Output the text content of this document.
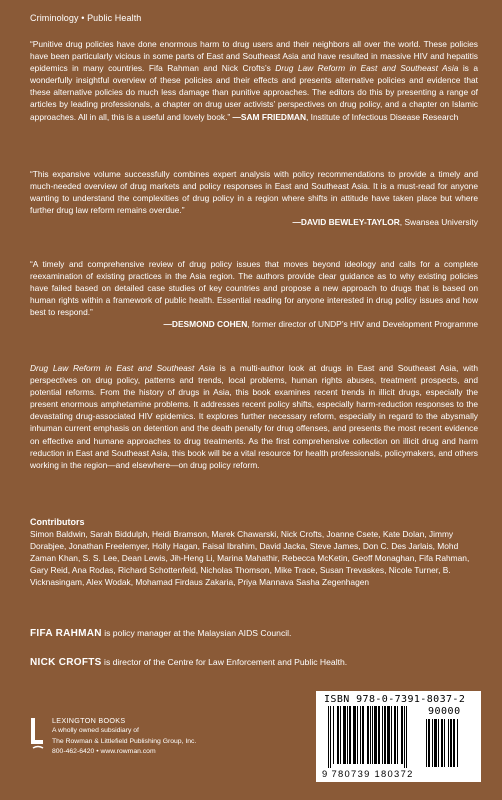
Criminology • Public Health
“Punitive drug policies have done enormous harm to drug users and their neighbors all over the world. These policies have been particularly vicious in some parts of East and Southeast Asia and have resulted in massive HIV and hepatitis epidemics in many countries. Fifa Rahman and Nick Crofts’s Drug Law Reform in East and Southeast Asia is a wonderfully insightful overview of these policies and their effects and presents alternative policies and evidence that these alternative policies do much less damage than punitive approaches. The editors do this by presenting a range of articles by leading professionals, a chapter on drug user activists’ perspectives on drug policy, and a chapter on Islamic approaches. All in all, this is a useful and lovely book.” —SAM FRIEDMAN, Institute of Infectious Disease Research
“This expansive volume successfully combines expert analysis with policy recommendations to provide a timely and much-needed overview of drug markets and policy responses in East and Southeast Asia. It is a must-read for anyone wanting to understand the complexities of drug policy in a region where shifts in attitude have taken place but where further drug law reform remains overdue.”
—DAVID BEWLEY-TAYLOR, Swansea University
“A timely and comprehensive review of drug policy issues that moves beyond ideology and calls for a complete reexamination of existing practices in the Asia region. The authors provide clear guidance as to why existing policies have failed based on detailed case studies of key countries and propose a new approach to drugs that is based on human rights within a framework of public health. Essential reading for anyone interested in drug policy issues and how best to respond.”
—DESMOND COHEN, former director of UNDP’s HIV and Development Programme
Drug Law Reform in East and Southeast Asia is a multi-author look at drugs in East and Southeast Asia, with perspectives on drug policy, patterns and trends, local problems, human rights abuses, treatment prospects, and potential reforms. From the history of drugs in Asia, this book examines recent trends in illicit drugs, especially the present enormous amphetamine problems. It addresses recent policy shifts, especially harm-reduction responses to the devastating drug-associated HIV epidemics. It explores further necessary reform, especially in regard to the abysmally inhuman current emphasis on detention and the death penalty for drug offenses, and presents the most recent evidence on effective and humane approaches to drug treatments. As the first comprehensive collection on illicit drug and harm reduction in East and Southeast Asia, this book will be a vital resource for health professionals, policymakers, and others working in the region—and elsewhere—on drug policy reform.
Contributors
Simon Baldwin, Sarah Biddulph, Heidi Bramson, Marek Chawarski, Nick Crofts, Joanne Csete, Kate Dolan, Jimmy Dorabjee, Jonathan Freelemyer, Holly Hagan, Faisal Ibrahim, David Jacka, Steve James, Don C. Des Jarlais, Mohd Zaman Khan, S. S. Lee, Dean Lewis, Jih-Heng Li, Marina Mahathir, Rebecca McKetin, Geoff Monaghan, Fifa Rahman, Gary Reid, Ana Rodas, Richard Schottenfeld, Nicholas Thomson, Mike Trace, Susan Trevaskes, Nicole Turner, B. Vicknasingam, Alex Wodak, Mohamad Firdaus Zakaria, Priya Mannava Sasha Zegenhagen
FIFA RAHMAN is policy manager at the Malaysian AIDS Council.
NICK CROFTS is director of the Centre for Law Enforcement and Public Health.
LEXINGTON BOOKS
A wholly owned subsidiary of
The Rowman & Littlefield Publishing Group, Inc.
800-462-6420 • www.rowman.com
ISBN 978-0-7391-8037-2
90000
9 780739 180372
